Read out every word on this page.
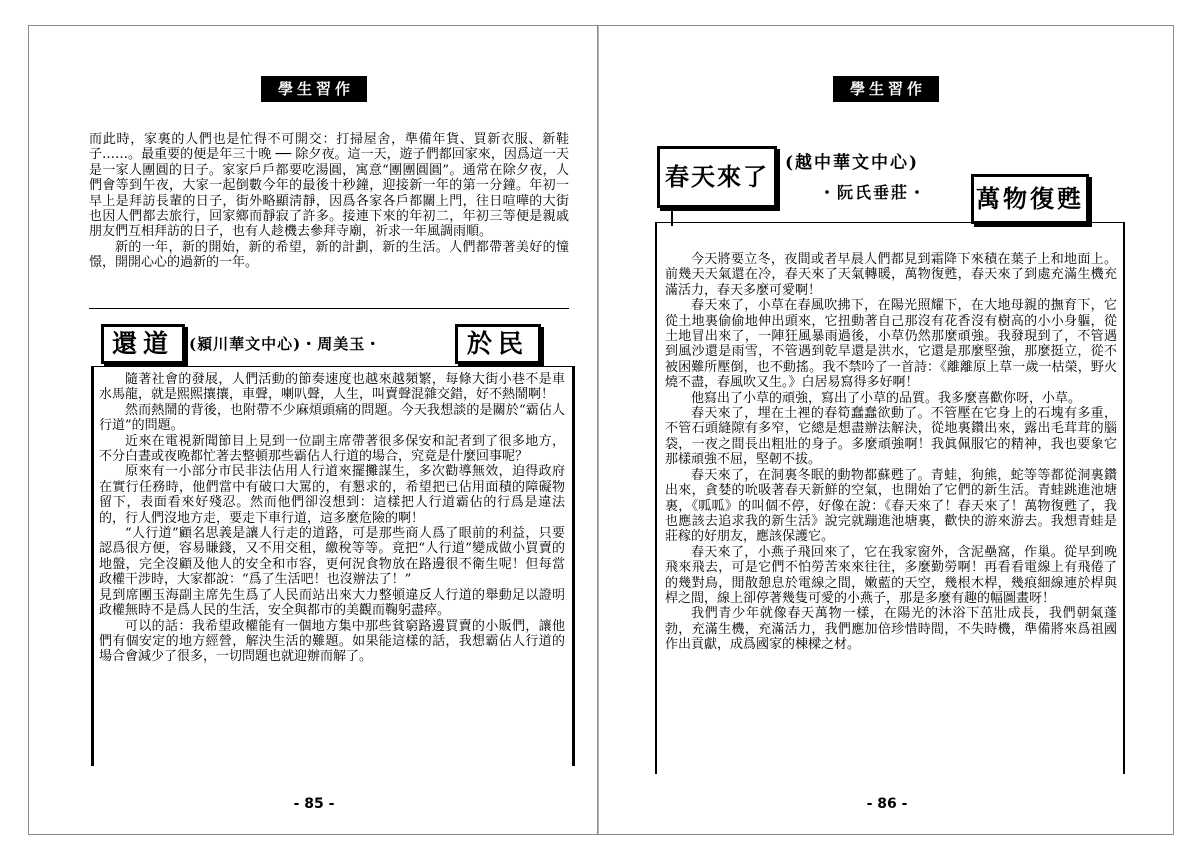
學生習作

而此時，家裏的人們也是忙得不可開交：打掃屋舍，準備年貨、買新衣服、新鞋子……。最重要的便是年三十晚 ── 除夕夜。這一天，遊子們都回家來，因爲這一天是一家人團圓的日子。家家戶戶都要吃湯圓，寓意“團團圓圓”。通常在除夕夜，人們會等到午夜，大家一起倒數今年的最後十秒鐘，迎接新一年的第一分鐘。年初一早上是拜訪長輩的日子，街外略顯淸靜，因爲各家各戶都關上門，往日喧嘩的大街也因人們都去旅行，回家鄉而靜寂了許多。接連下來的年初二，年初三等便是親戚朋友們互相拜訪的日子，也有人趁機去參拜寺廟，祈求一年風調雨順。

新的一年，新的開始，新的希望，新的計劃，新的生活。人們都帶著美好的憧憬，開開心心的過新的一年。

還道	(潁川華文中心)・周美玉・	於民

隨著社會的發展，人們活動的節奏速度也越來越頻繁，每條大街小巷不是車水馬龍，就是熙熙攘攘，車聲，喇叭聲，人生，叫賣聲混雜交錯，好不熱鬧啊！

然而熱鬧的背後，也附帶不少麻煩頭痛的問題。今天我想談的是關於“霸佔人行道”的問題。

近來在電視新聞節目上見到一位副主席帶著很多保安和記者到了很多地方，不分白晝或夜晚都忙著去整頓那些霸佔人行道的場合，究竟是什麼回事呢？

原來有一小部分市民非法佔用人行道來擺攤謀生，多次勸導無效，迫得政府在實行任務時，他們當中有破口大罵的，有懇求的，希望把已佔用面積的障礙物留下，表面看來好殘忍。然而他們卻沒想到：這樣把人行道霸佔的行爲是違法的，行人們沒地方走，要走下車行道，這多麼危險的啊！

“人行道”顧名思義是讓人行走的道路，可是那些商人爲了眼前的利益，只要認爲很方便，容易賺錢，又不用交租，繳稅等等。竟把“人行道”變成做小買賣的地盤，完全沒顧及他人的安全和市容，更何況食物放在路邊很不衛生呢！但每當政權干涉時，大家都說：“爲了生活吧！也沒辦法了！”

見到席團玉海副主席先生爲了人民而站出來大力整頓違反人行道的舉動足以證明政權無時不是爲人民的生活，安全與都市的美觀而鞠躬盡瘁。

可以的話：我希望政權能有一個地方集中那些貧窮路邊買賣的小販們，讓他們有個安定的地方經營，解決生活的難題。如果能這樣的話，我想霸佔人行道的場合會減少了很多，一切問題也就迎辦而解了。

- 85 -
學生習作
春天來了 (越中華文中心)
・阮氏垂莊・	萬物復甦

今天將要立冬，夜間或者早晨人們都見到霜降下來積在葉子上和地面上。前幾天天氣還在冷，春天來了天氣轉暖，萬物復甦，春天來了到處充滿生機充滿活力，春天多麼可愛啊！

春天來了，小草在春風吹拂下，在陽光照耀下，在大地母親的撫育下，它從土地裏偷偷地伸出頭來，它扭動著自己那沒有花香沒有樹高的小小身軀，從土地冒出來了，一陣狂風暴雨過後，小草仍然那麼頑強。我發現到了，不管遇到風沙還是雨雪，不管遇到乾旱還是洪水，它還是那麼堅強，那麼挺立，從不被困難所壓倒，也不動搖。我不禁吟了一首詩：《離離原上草一歲一枯榮，野火燒不盡，春風吹又生。》白居易寫得多好啊！

他寫出了小草的頑強，寫出了小草的品質。我多麼喜歡你呀，小草。

春天來了，埋在土裡的春筍蠢蠢欲動了。不管壓在它身上的石塊有多重，不管石頭縫隙有多窄，它總是想盡辦法解決，從地裏鑽出來，露出毛茸茸的腦袋，一夜之間長出粗壯的身子。多麼頑強啊！我眞佩服它的精神，我也要象它那樣頑強不屈，堅韌不拔。

春天來了，在洞裏冬眠的動物都蘇甦了。青蛙，狗熊，蛇等等都從洞裏鑽出來，貪婪的吮吸著春天新鮮的空氣，也開始了它們的新生活。青蛙跳進池塘裏，《呱呱》的叫個不停，好像在說：《春天來了！春天來了！萬物復甦了，我也應該去追求我的新生活》說完就蹦進池塘裏，歡快的游來游去。我想青蛙是莊稼的好朋友，應該保護它。

春天來了，小燕子飛回來了，它在我家窗外，含泥壘窩，作巢。從早到晚飛來飛去，可是它們不怕勞苦來來往往，多麼勤勞啊！再看看電線上有飛倦了的幾對鳥，閒散憩息於電線之間，嫩藍的天空，幾根木桿，幾痕細線連於桿與桿之間，線上卻停著幾隻可愛的小燕子，那是多麼有趣的幅圖畫呀！

我們青少年就像春天萬物一樣，在陽光的沐浴下茁壯成長，我們朝氣蓬勃，充滿生機，充滿活力，我們應加倍珍惜時間，不失時機，準備將來爲祖國作出貢獻，成爲國家的棟樑之材。

- 86 -
